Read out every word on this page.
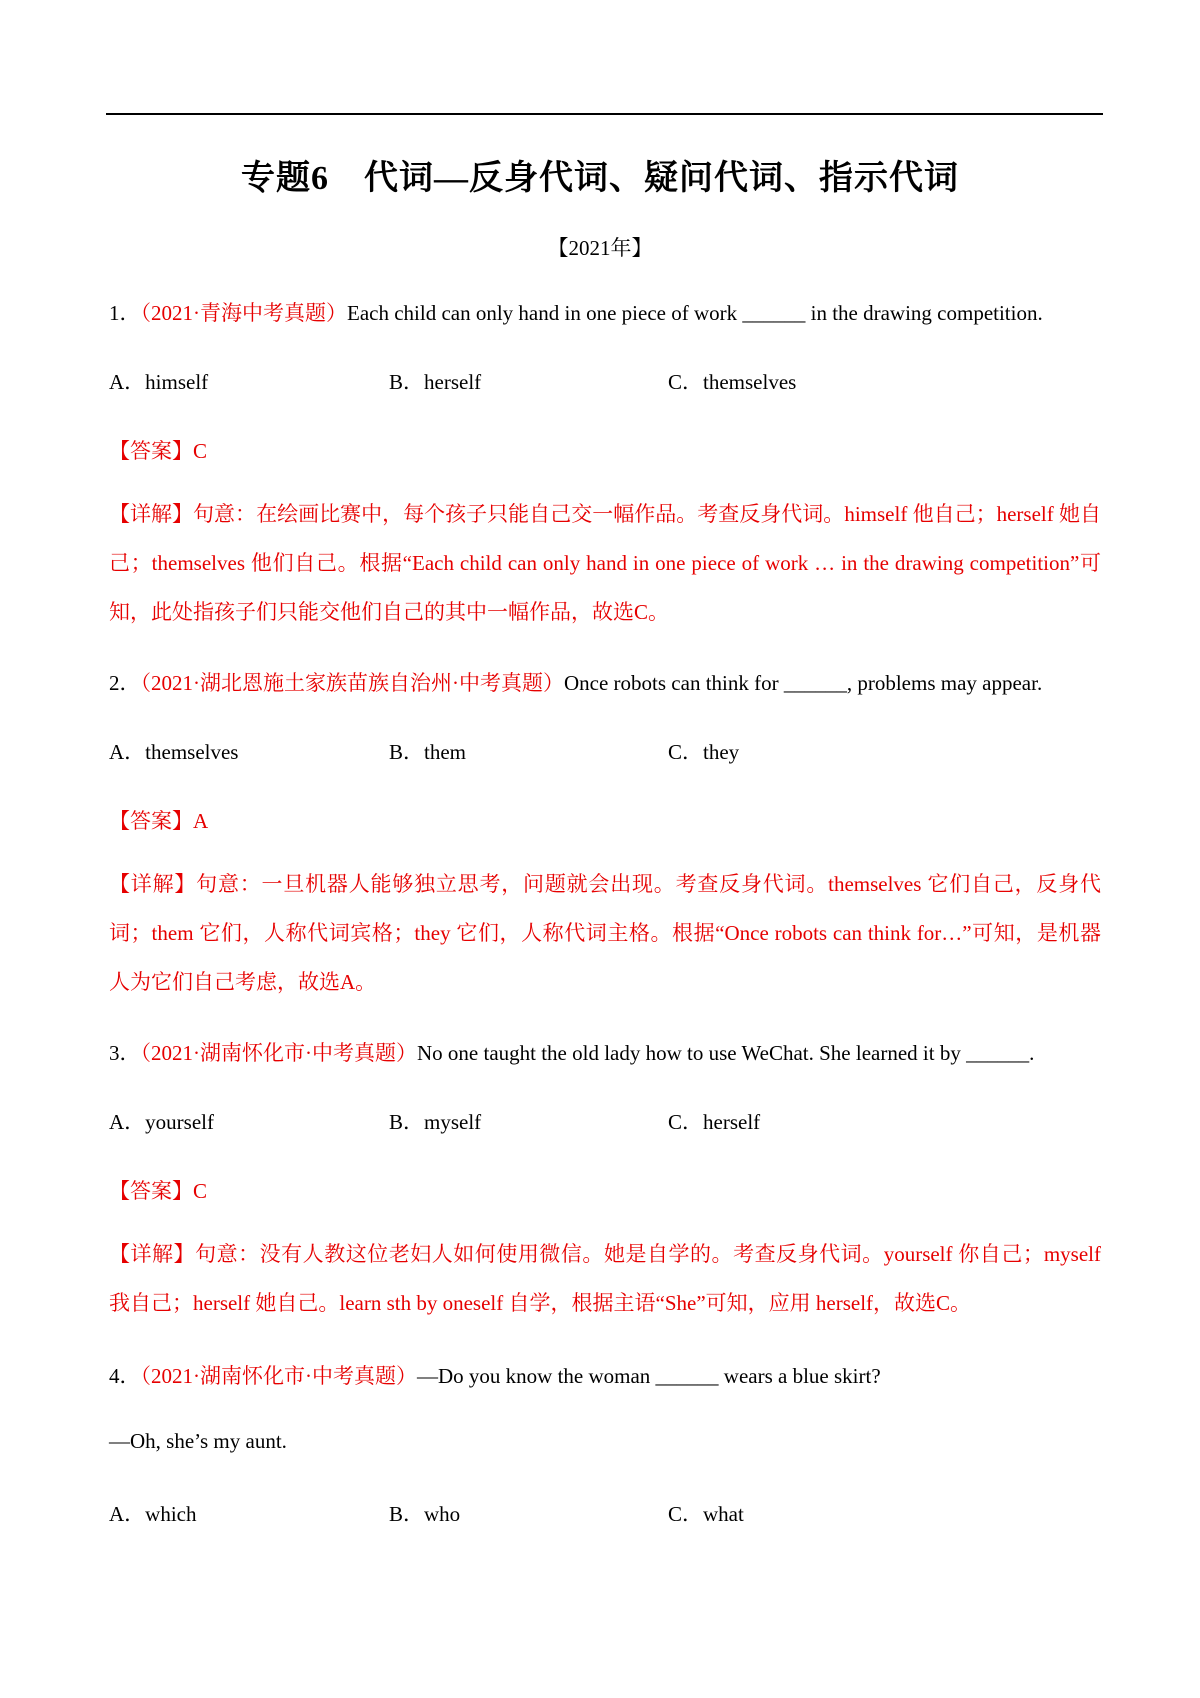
专题6　代词—反身代词、疑问代词、指示代词
【2021年】
1．（2021·青海中考真题）Each child can only hand in one piece of work ______ in the drawing competition.
A．himself	B．herself	C．themselves
【答案】C
【详解】句意：在绘画比赛中，每个孩子只能自己交一幅作品。考查反身代词。himself 他自己；herself 她自己；themselves 他们自己。根据“Each child can only hand in one piece of work … in the drawing competition”可知，此处指孩子们只能交他们自己的其中一幅作品，故选C。
2．（2021·湖北恩施土家族苗族自治州·中考真题）Once robots can think for ______, problems may appear.
A．themselves	B．them	C．they
【答案】A
【详解】句意：一旦机器人能够独立思考，问题就会出现。考查反身代词。themselves 它们自己，反身代词；them 它们，人称代词宾格；they 它们，人称代词主格。根据“Once robots can think for…”可知，是机器人为它们自己考虑，故选A。
3．（2021·湖南怀化市·中考真题）No one taught the old lady how to use WeChat. She learned it by ______.
A．yourself	B．myself	C．herself
【答案】C
【详解】句意：没有人教这位老妇人如何使用微信。她是自学的。考查反身代词。yourself 你自己；myself 我自己；herself 她自己。learn sth by oneself 自学，根据主语“She”可知，应用 herself，故选C。
4．（2021·湖南怀化市·中考真题）—Do you know the woman ______ wears a blue skirt?
—Oh, she’s my aunt.
A．which	B．who	C．what
